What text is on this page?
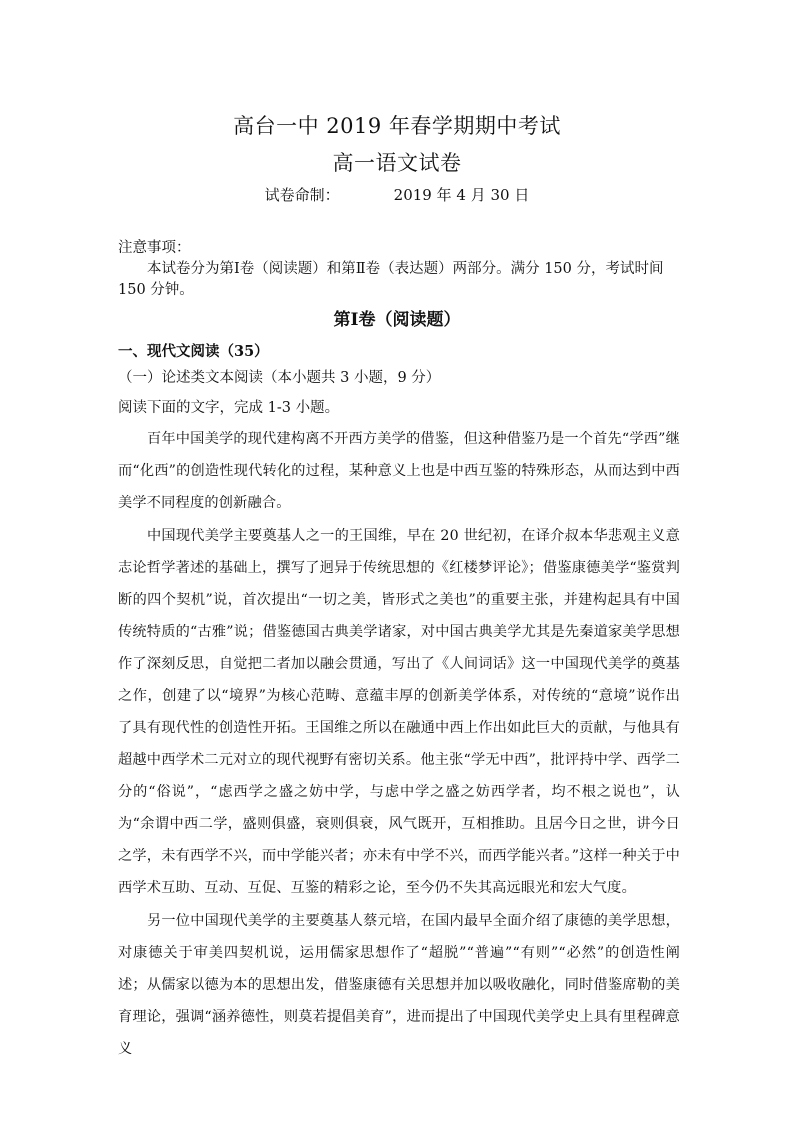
高台一中 2019 年春学期期中考试
高一语文试卷
试卷命制：	2019 年 4 月 30 日

注意事项：

本试卷分为第Ⅰ卷（阅读题）和第Ⅱ卷（表达题）两部分。满分 150 分，考试时间 150 分钟。

第Ⅰ卷（阅读题）
一、现代文阅读（35）
（一）论述类文本阅读（本小题共 3 小题，9 分）
阅读下面的文字，完成 1-3 小题。

百年中国美学的现代建构离不开西方美学的借鉴，但这种借鉴乃是一个首先“学西”继而“化西”的创造性现代转化的过程，某种意义上也是中西互鉴的特殊形态，从而达到中西美学不同程度的创新融合。

中国现代美学主要奠基人之一的王国维，早在 20 世纪初，在译介叔本华悲观主义意志论哲学著述的基础上，撰写了迥异于传统思想的《红楼梦评论》；借鉴康德美学“鉴赏判断的四个契机”说，首次提出“一切之美，皆形式之美也”的重要主张，并建构起具有中国传统特质的“古雅”说；借鉴德国古典美学诸家，对中国古典美学尤其是先秦道家美学思想作了深刻反思，自觉把二者加以融会贯通，写出了《人间词话》这一中国现代美学的奠基之作，创建了以“境界”为核心范畴、意蕴丰厚的创新美学体系，对传统的“意境”说作出了具有现代性的创造性开拓。王国维之所以在融通中西上作出如此巨大的贡献，与他具有超越中西学术二元对立的现代视野有密切关系。他主张“学无中西”，批评持中学、西学二分的“俗说”，“虑西学之盛之妨中学，与虑中学之盛之妨西学者，均不根之说也”，认为“余谓中西二学，盛则俱盛，衰则俱衰，风气既开，互相推助。且居今日之世，讲今日之学，未有西学不兴，而中学能兴者；亦未有中学不兴，而西学能兴者。”这样一种关于中西学术互助、互动、互促、互鉴的精彩之论，至今仍不失其高远眼光和宏大气度。

另一位中国现代美学的主要奠基人蔡元培，在国内最早全面介绍了康德的美学思想，对康德关于审美四契机说，运用儒家思想作了“超脱”“普遍”“有则”“必然”的创造性阐述；从儒家以德为本的思想出发，借鉴康德有关思想并加以吸收融化，同时借鉴席勒的美育理论，强调“涵养德性，则莫若提倡美育”，进而提出了中国现代美学史上具有里程碑意义
